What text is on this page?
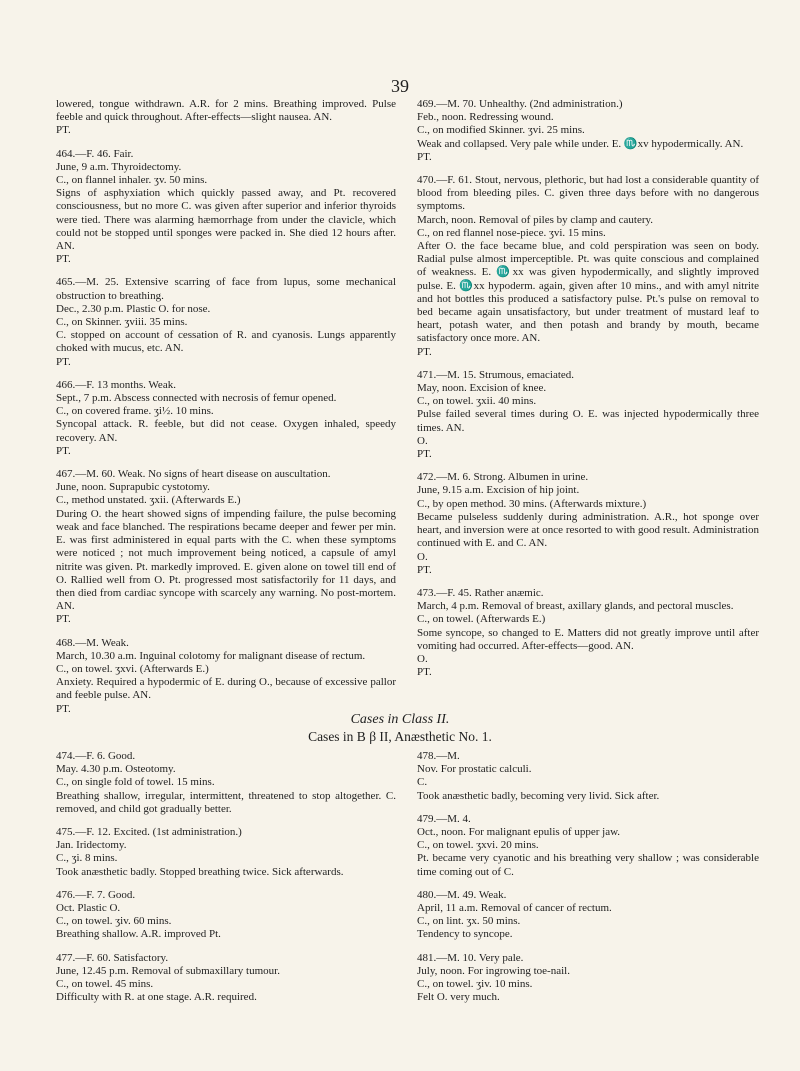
39

lowered, tongue withdrawn. A.R. for 2 mins. Breathing improved. Pulse feeble and quick throughout. After-effects—slight nausea. AN.

PT.

464.—F. 46. Fair.

June, 9 a.m. Thyroidectomy.

C., on flannel inhaler. ʒv. 50 mins.

Signs of asphyxiation which quickly passed away, and Pt. recovered consciousness, but no more C. was given after superior and inferior thyroids were tied. There was alarming hæmorrhage from under the clavicle, which could not be stopped until sponges were packed in. She died 12 hours after. AN.

PT.

465.—M. 25. Extensive scarring of face from lupus, some mechanical obstruction to breathing.

Dec., 2.30 p.m. Plastic O. for nose.

C., on Skinner. ʒviii. 35 mins.

C. stopped on account of cessation of R. and cyanosis. Lungs apparently choked with mucus, etc. AN.

PT.

466.—F. 13 months. Weak.

Sept., 7 p.m. Abscess connected with necrosis of femur opened.

C., on covered frame. ʒi½. 10 mins.

Syncopal attack. R. feeble, but did not cease. Oxygen inhaled, speedy recovery. AN.

PT.

467.—M. 60. Weak. No signs of heart disease on auscultation.

June, noon. Suprapubic cystotomy.

C., method unstated. ʒxii. (Afterwards E.)

During O. the heart showed signs of impending failure, the pulse becoming weak and face blanched. The respirations became deeper and fewer per min. E. was first administered in equal parts with the C. when these symptoms were noticed ; not much improvement being noticed, a capsule of amyl nitrite was given. Pt. markedly improved. E. given alone on towel till end of O. Rallied well from O. Pt. progressed most satisfactorily for 11 days, and then died from cardiac syncope with scarcely any warning. No post-mortem. AN.

PT.

468.—M. Weak.

March, 10.30 a.m. Inguinal colotomy for malignant disease of rectum.

C., on towel. ʒxvi. (Afterwards E.)

Anxiety. Required a hypodermic of E. during O., because of excessive pallor and feeble pulse. AN.

PT.

469.—M. 70. Unhealthy. (2nd administration.)

Feb., noon. Redressing wound.

C., on modified Skinner. ʒvi. 25 mins.

Weak and collapsed. Very pale while under. E. ♏xv hypodermically. AN.

PT.

470.—F. 61. Stout, nervous, plethoric, but had lost a considerable quantity of blood from bleeding piles. C. given three days before with no dangerous symptoms.

March, noon. Removal of piles by clamp and cautery.

C., on red flannel nose-piece. ʒvi. 15 mins.

After O. the face became blue, and cold perspiration was seen on body. Radial pulse almost imperceptible. Pt. was quite conscious and complained of weakness. E. ♏xx was given hypodermically, and slightly improved pulse. E. ♏xx hypoderm. again, given after 10 mins., and with amyl nitrite and hot bottles this produced a satisfactory pulse. Pt.'s pulse on removal to bed became again unsatisfactory, but under treatment of mustard leaf to heart, potash water, and then potash and brandy by mouth, became satisfactory once more. AN.

PT.

471.—M. 15. Strumous, emaciated.

May, noon. Excision of knee.

C., on towel. ʒxii. 40 mins.

Pulse failed several times during O. E. was injected hypodermically three times. AN.

O.

PT.

472.—M. 6. Strong. Albumen in urine.

June, 9.15 a.m. Excision of hip joint.

C., by open method. 30 mins. (Afterwards mixture.)

Became pulseless suddenly during administration. A.R., hot sponge over heart, and inversion were at once resorted to with good result. Administration continued with E. and C. AN.

O.

PT.

473.—F. 45. Rather anæmic.

March, 4 p.m. Removal of breast, axillary glands, and pectoral muscles.

C., on towel. (Afterwards E.)

Some syncope, so changed to E. Matters did not greatly improve until after vomiting had occurred. After-effects—good. AN.

O.

PT.

Cases in Class II.
Cases in B β II, Anæsthetic No. 1.

474.—F. 6. Good.

May. 4.30 p.m. Osteotomy.

C., on single fold of towel. 15 mins.

Breathing shallow, irregular, intermittent, threatened to stop altogether. C. removed, and child got gradually better.

475.—F. 12. Excited. (1st administration.)

Jan. Iridectomy.

C., ʒi. 8 mins.

Took anæsthetic badly. Stopped breathing twice. Sick afterwards.

476.—F. 7. Good.

Oct. Plastic O.

C., on towel. ʒiv. 60 mins.

Breathing shallow. A.R. improved Pt.

477.—F. 60. Satisfactory.

June, 12.45 p.m. Removal of submaxillary tumour.

C., on towel. 45 mins.

Difficulty with R. at one stage. A.R. required.

478.—M.

Nov. For prostatic calculi.

C.

Took anæsthetic badly, becoming very livid. Sick after.

479.—M. 4.

Oct., noon. For malignant epulis of upper jaw.

C., on towel. ʒxvi. 20 mins.

Pt. became very cyanotic and his breathing very shallow ; was considerable time coming out of C.

480.—M. 49. Weak.

April, 11 a.m. Removal of cancer of rectum.

C., on lint. ʒx. 50 mins.

Tendency to syncope.

481.—M. 10. Very pale.

July, noon. For ingrowing toe-nail.

C., on towel. ʒiv. 10 mins.

Felt O. very much.
